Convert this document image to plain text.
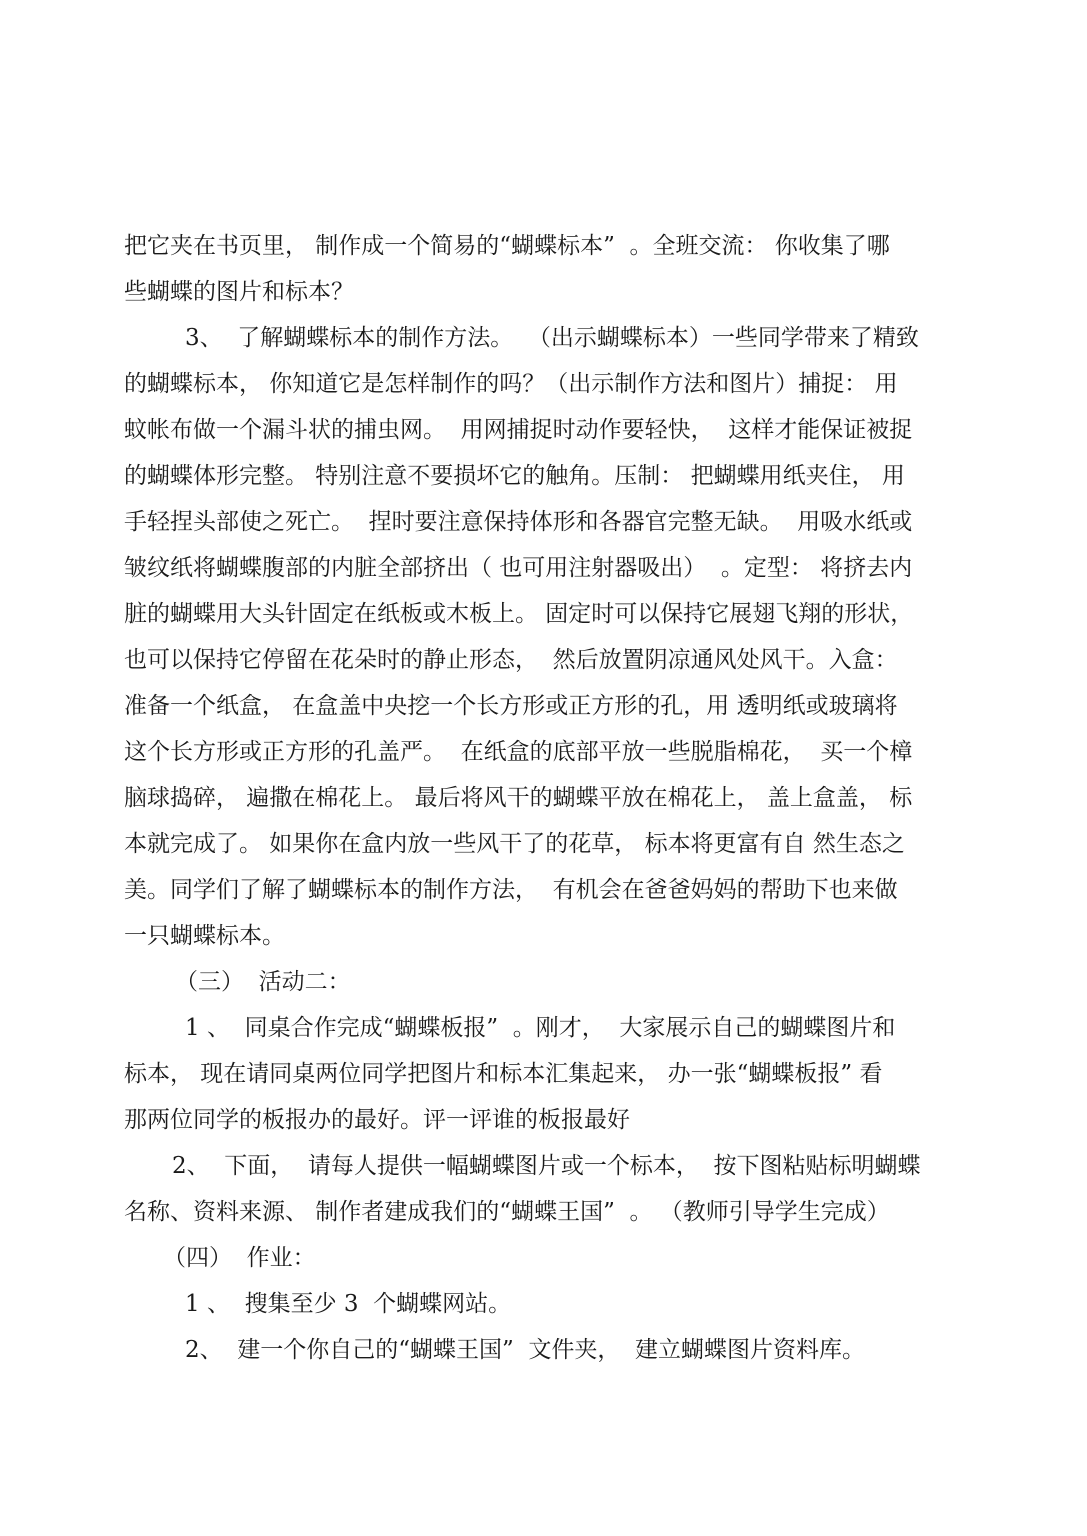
把它夹在书页里， 制作成一个简易的“蝴蝶标本”  。全班交流： 你收集了哪
些蝴蝶的图片和标本？
3、  了解蝴蝶标本的制作方法。  （出示蝴蝶标本）一些同学带来了精致
的蝴蝶标本， 你知道它是怎样制作的吗？（出示制作方法和图片）捕捉： 用
蚊帐布做一个漏斗状的捕虫网。  用网捕捉时动作要轻快，  这样才能保证被捉
的蝴蝶体形完整。 特别注意不要损坏它的触角。压制： 把蝴蝶用纸夹住， 用
手轻捏头部使之死亡。  捏时要注意保持体形和各器官完整无缺。  用吸水纸或
皱纹纸将蝴蝶腹部的内脏全部挤出（ 也可用注射器吸出）  。定型： 将挤去内
脏的蝴蝶用大头针固定在纸板或木板上。 固定时可以保持它展翅飞翔的形状，
也可以保持它停留在花朵时的静止形态，  然后放置阴凉通风处风干。入盒：
准备一个纸盒， 在盒盖中央挖一个长方形或正方形的孔，用 透明纸或玻璃将
这个长方形或正方形的孔盖严。  在纸盒的底部平放一些脱脂棉花，  买一个樟
脑球捣碎， 遍撒在棉花上。 最后将风干的蝴蝶平放在棉花上， 盖上盒盖， 标
本就完成了。 如果你在盒内放一些风干了的花草， 标本将更富有自 然生态之
美。同学们了解了蝴蝶标本的制作方法，  有机会在爸爸妈妈的帮助下也来做
一只蝴蝶标本。
（三）  活动二：
1 、  同桌合作完成“蝴蝶板报”  。刚才，  大家展示自己的蝴蝶图片和
标本， 现在请同桌两位同学把图片和标本汇集起来， 办一张“蝴蝶板报” 看
那两位同学的板报办的最好。评一评谁的板报最好
2、  下面，  请每人提供一幅蝴蝶图片或一个标本，  按下图粘贴标明蝴蝶
名称、资料来源、 制作者建成我们的“蝴蝶王国”  。 （教师引导学生完成）
（四）  作业：
1 、  搜集至少 3  个蝴蝶网站。
2、  建一个你自己的“蝴蝶王国”  文件夹，  建立蝴蝶图片资料库。
